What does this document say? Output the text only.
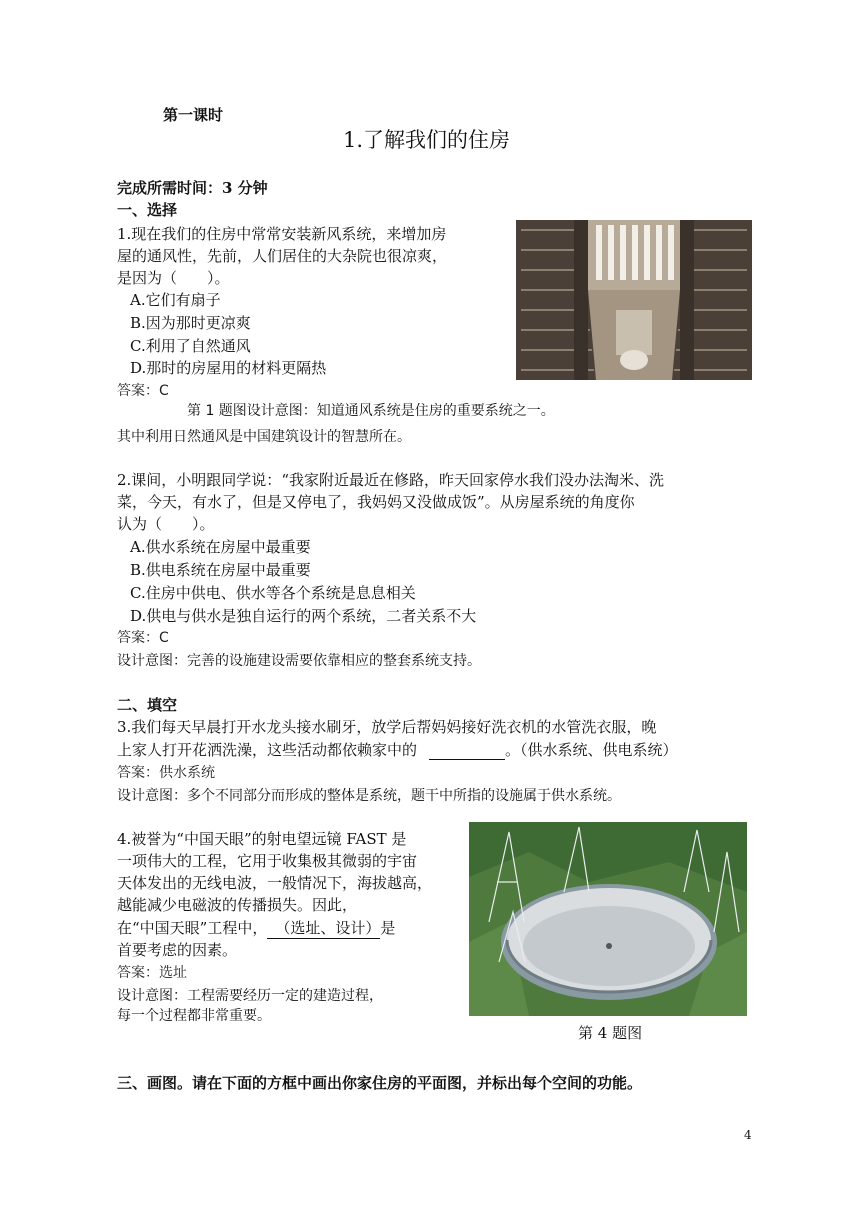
第一课时
1.了解我们的住房
完成所需时间：3 分钟
一、选择
1.现在我们的住房中常常安装新风系统，来增加房
屋的通风性，先前，人们居住的大杂院也很凉爽，
是因为（　　）。
A.它们有扇子
B.因为那时更凉爽
C.利用了自然通风
D.那时的房屋用的材料更隔热
答案：C
第 1 题图设计意图：知道通风系统是住房的重要系统之一。
其中利用日然通风是中国建筑设计的智慧所在。
2.课间，小明跟同学说：“我家附近最近在修路，昨天回家停水我们没办法淘米、洗
菜，今天，有水了，但是又停电了，我妈妈又没做成饭”。从房屋系统的角度你
认为（　　）。
A.供水系统在房屋中最重要
B.供电系统在房屋中最重要
C.住房中供电、供水等各个系统是息息相关
D.供电与供水是独自运行的两个系统，二者关系不大
答案：C
设计意图：完善的设施建设需要依靠相应的整套系统支持。
二、填空
3.我们每天早晨打开水龙头接水刷牙，放学后帮妈妈接好洗衣机的水管洗衣服，晚
上家人打开花洒洗澡，这些活动都依赖家中的	。（供水系统、供电系统）
答案：供水系统
设计意图：多个不同部分而形成的整体是系统，题干中所指的设施属于供水系统。
4.被誉为“中国天眼”的射电望远镜 FAST 是
一项伟大的工程，它用于收集极其微弱的宇宙
天体发出的无线电波，一般情况下，海拔越高，
越能减少电磁波的传播损失。因此，
在“中国天眼”工程中， （选址、设计）是
首要考虑的因素。
答案：选址
设计意图：工程需要经历一定的建造过程，
每一个过程都非常重要。
第 4 题图
三、画图。请在下面的方框中画出你家住房的平面图，并标出每个空间的功能。
4
